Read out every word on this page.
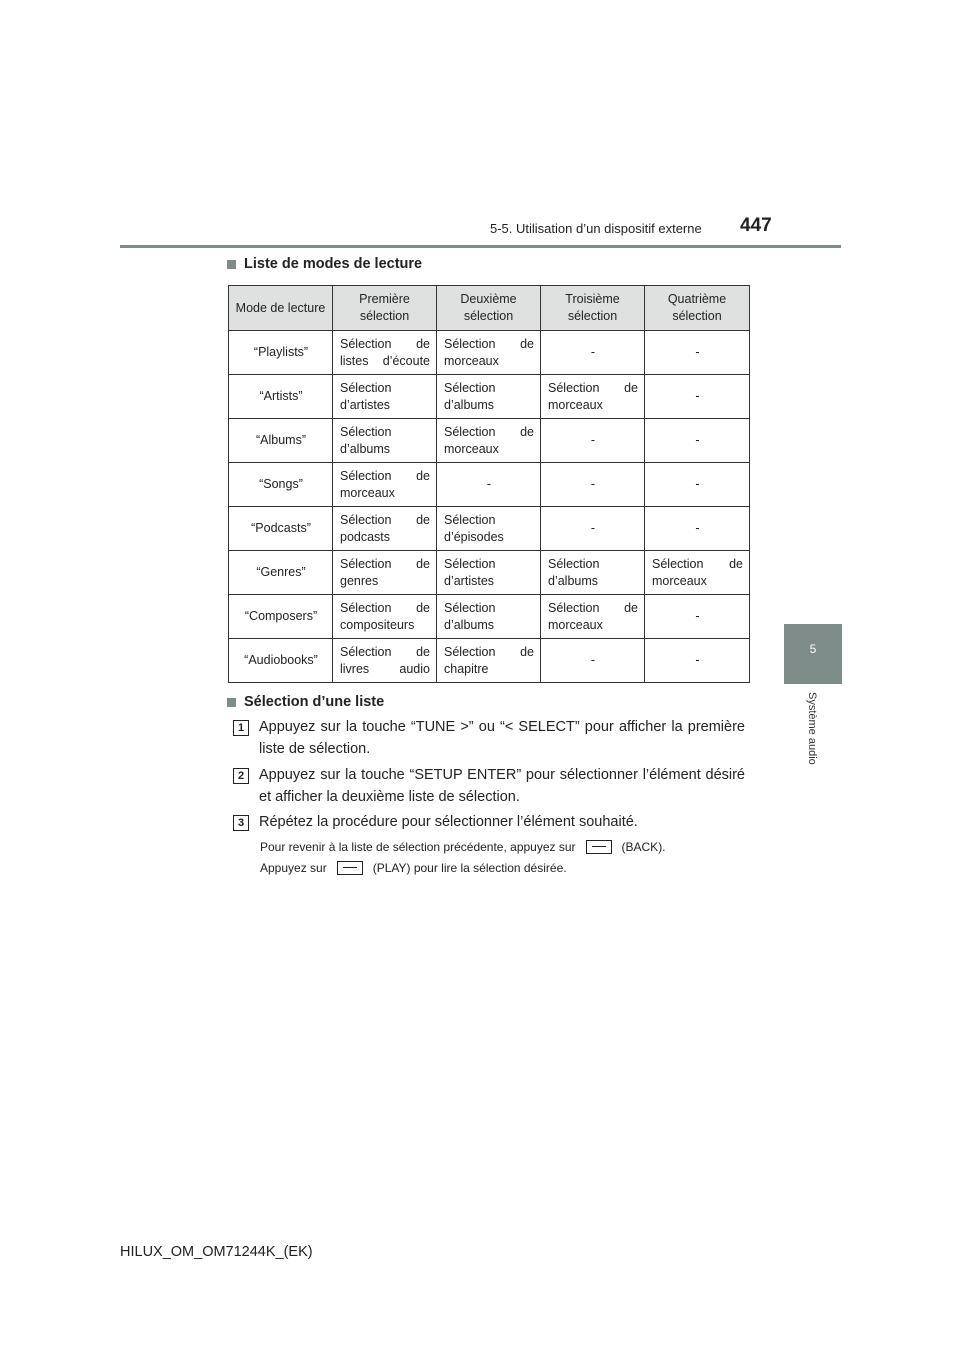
5-5. Utilisation d’un dispositif externe 447
5
Système audio
Liste de modes de lecture
Mode de lecture	Première sélection	Deuxième sélection	Troisième sélection	Quatrième sélection
“Playlists”	Sélection de listes d’écoute	Sélection de morceaux	-	-
“Artists”	Sélection d’artistes	Sélection d’albums	Sélection de morceaux	-
“Albums”	Sélection d’albums	Sélection de morceaux	-	-
“Songs”	Sélection de morceaux	-	-	-
“Podcasts”	Sélection de podcasts	Sélection d’épisodes	-	-
“Genres”	Sélection de genres	Sélection d’artistes	Sélection d’albums	Sélection de morceaux
“Composers”	Sélection de compositeurs	Sélection d’albums	Sélection de morceaux	-
“Audiobooks”	Sélection de livres audio	Sélection de chapitre	-	-
Sélection d’une liste
1	Appuyez sur la touche “TUNE >” ou “< SELECT” pour afficher la première liste de sélection.
2	Appuyez sur la touche “SETUP ENTER” pour sélectionner l’élément désiré et afficher la deuxième liste de sélection.
3	Répétez la procédure pour sélectionner l’élément souhaité.
Pour revenir à la liste de sélection précédente, appuyez sur	(BACK).
Appuyez sur	(PLAY) pour lire la sélection désirée.
HILUX_OM_OM71244K_(EK)
